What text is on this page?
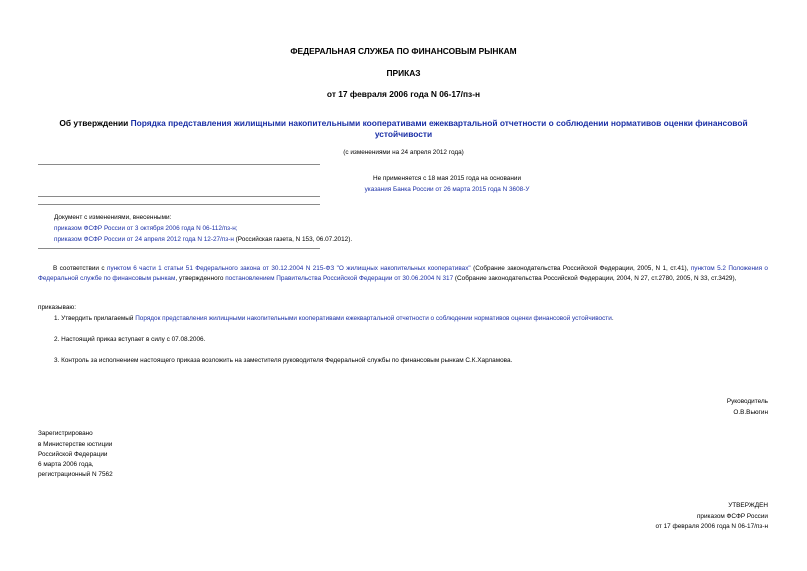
ФЕДЕРАЛЬНАЯ СЛУЖБА ПО ФИНАНСОВЫМ РЫНКАМ
ПРИКАЗ
от 17 февраля 2006 года N 06-17/пз-н
Об утверждении Порядка представления жилищными накопительными кооперативами ежеквартальной отчетности о соблюдении нормативов оценки финансовой
устойчивости
(с изменениями на 24 апреля 2012 года)
Не применяется с 18 мая 2015 года на основании
указания Банка России от 26 марта 2015 года N 3608-У
Документ с изменениями, внесенными:
приказом ФСФР России от 3 октября 2006 года N 06-112/пз-н;
приказом ФСФР России от 24 апреля 2012 года N 12-27/пз-н (Российская газета, N 153, 06.07.2012).
В соответствии с пунктом 6 части 1 статьи 51 Федерального закона от 30.12.2004 N 215-ФЗ "О жилищных накопительных кооперативах" (Собрание законодательства Российской Федерации, 2005, N 1, ст.41), пунктом 5.2 Положения о Федеральной службе по финансовым рынкам, утвержденного постановлением Правительства Российской Федерации от 30.06.2004 N 317 (Собрание законодательства Российской Федерации, 2004, N 27, ст.2780, 2005, N 33, ст.3429),
приказываю:
1. Утвердить прилагаемый Порядок представления жилищными накопительными кооперативами ежеквартальной отчетности о соблюдении нормативов оценки финансовой устойчивости.
2. Настоящий приказ вступает в силу с 07.08.2006.
3. Контроль за исполнением настоящего приказа возложить на заместителя руководителя Федеральной службы по финансовым рынкам С.К.Харламова.
Руководитель
О.В.Вьюгин
Зарегистрировано
в Министерстве юстиции
Российской Федерации
6 марта 2006 года,
регистрационный N 7562
УТВЕРЖДЕН
приказом ФСФР России
от 17 февраля 2006 года N 06-17/пз-н
